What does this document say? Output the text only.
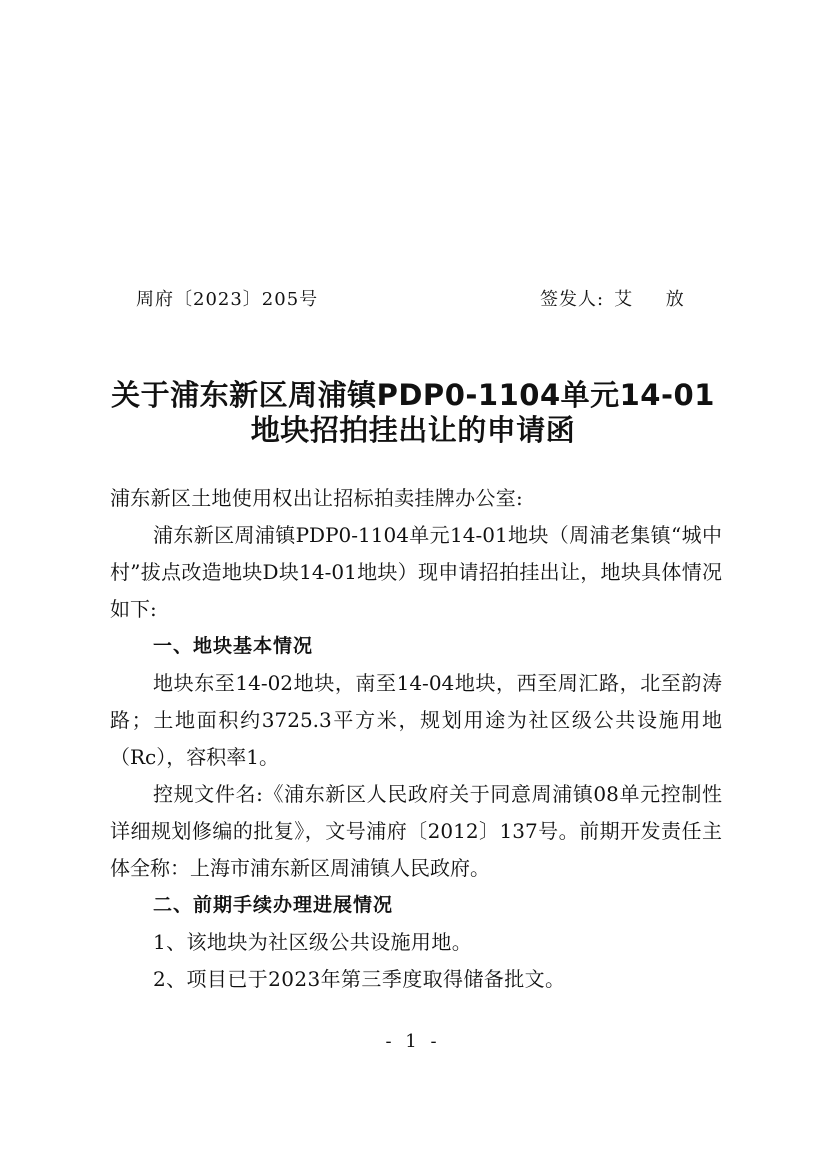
周府〔2023〕205号	签发人: 艾 放
关于浦东新区周浦镇PDP0-1104单元14-01
地块招拍挂出让的申请函

浦东新区土地使用权出让招标拍卖挂牌办公室:

浦东新区周浦镇PDP0-1104单元14-01地块（周浦老集镇“城中村”拔点改造地块D块14-01地块）现申请招拍挂出让，地块具体情况如下:

一、地块基本情况

地块东至14-02地块，南至14-04地块，西至周汇路，北至韵涛路；土地面积约3725.3平方米，规划用途为社区级公共设施用地（Rc），容积率1。

控规文件名:《浦东新区人民政府关于同意周浦镇08单元控制性详细规划修编的批复》，文号浦府〔2012〕137号。前期开发责任主体全称：上海市浦东新区周浦镇人民政府。

二、前期手续办理进展情况

1、该地块为社区级公共设施用地。

2、项目已于2023年第三季度取得储备批文。

- 1 -
